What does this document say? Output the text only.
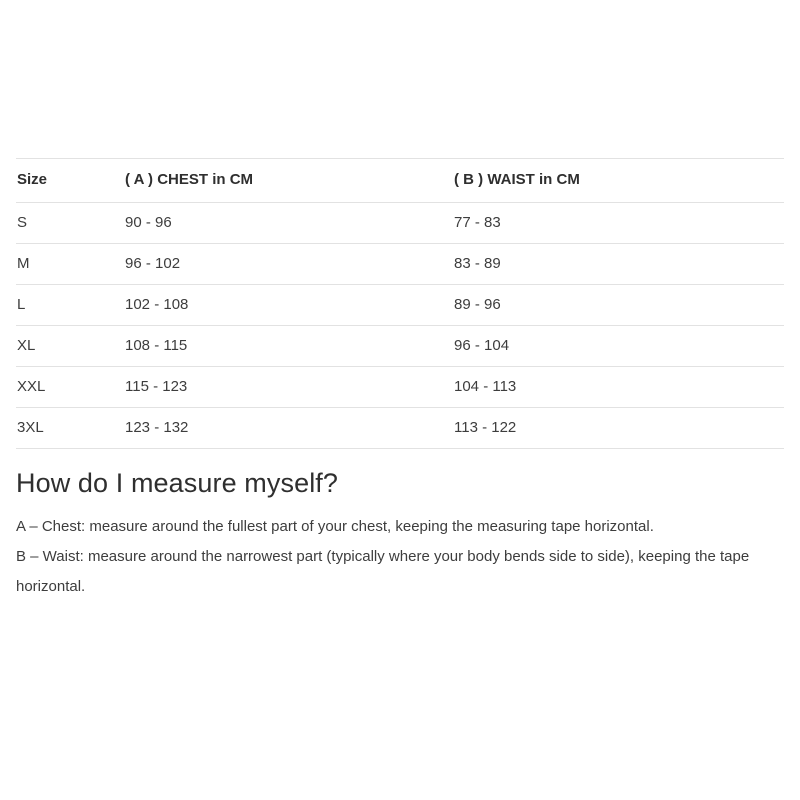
Size	( A ) CHEST in CM	( B ) WAIST in CM
S	90 - 96	77 - 83
M	96 - 102	83 - 89
L	102 - 108	89 - 96
XL	108 - 115	96 - 104
XXL	115 - 123	104 - 113
3XL	123 - 132	113 - 122
How do I measure myself?

A – Chest: measure around the fullest part of your chest, keeping the measuring tape horizontal.

B – Waist: measure around the narrowest part (typically where your body bends side to side), keeping the tape horizontal.
